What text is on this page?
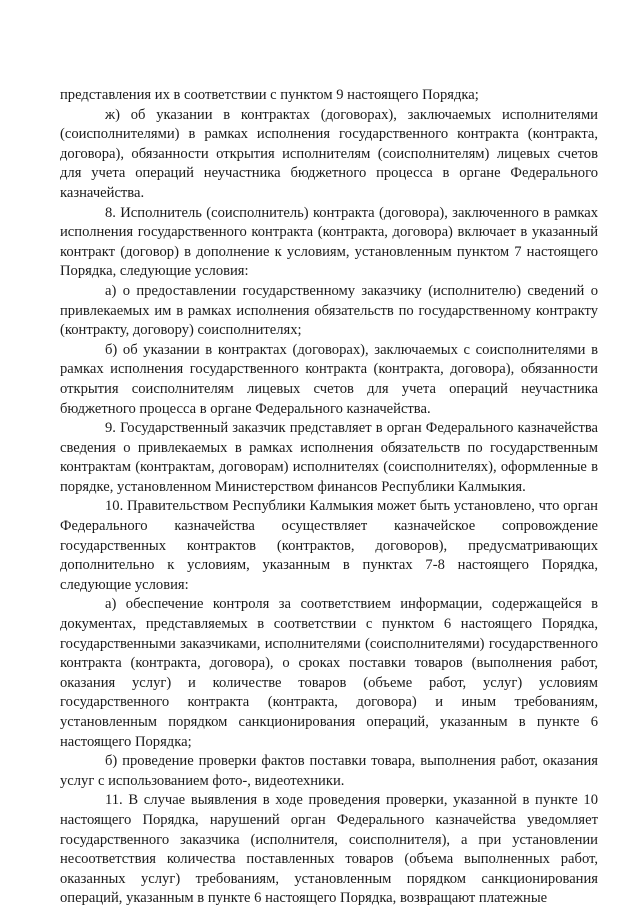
представления их в соответствии с пунктом 9 настоящего Порядка;

ж) об указании в контрактах (договорах), заключаемых исполнителями (соисполнителями) в рамках исполнения государственного контракта (контракта, договора), обязанности открытия исполнителям (соисполнителям) лицевых счетов для учета операций неучастника бюджетного процесса в органе Федерального казначейства.

8. Исполнитель (соисполнитель) контракта (договора), заключенного в рамках исполнения государственного контракта (контракта, договора) включает в указанный контракт (договор) в дополнение к условиям, установленным пунктом 7 настоящего Порядка, следующие условия:

а) о предоставлении государственному заказчику (исполнителю) сведений о привлекаемых им в рамках исполнения обязательств по государственному контракту (контракту, договору) соисполнителях;

б) об указании в контрактах (договорах), заключаемых с соисполнителями в рамках исполнения государственного контракта (контракта, договора), обязанности открытия соисполнителям лицевых счетов для учета операций неучастника бюджетного процесса в органе Федерального казначейства.

9. Государственный заказчик представляет в орган Федерального казначейства сведения о привлекаемых в рамках исполнения обязательств по государственным контрактам (контрактам, договорам) исполнителях (соисполнителях), оформленные в порядке, установленном Министерством финансов Республики Калмыкия.

10. Правительством Республики Калмыкия может быть установлено, что орган Федерального казначейства осуществляет казначейское сопровождение государственных контрактов (контрактов, договоров), предусматривающих дополнительно к условиям, указанным в пунктах 7-8 настоящего Порядка, следующие условия:

а) обеспечение контроля за соответствием информации, содержащейся в документах, представляемых в соответствии с пунктом 6 настоящего Порядка, государственными заказчиками, исполнителями (соисполнителями) государственного контракта (контракта, договора), о сроках поставки товаров (выполнения работ, оказания услуг) и количестве товаров (объеме работ, услуг) условиям государственного контракта (контракта, договора) и иным требованиям, установленным порядком санкционирования операций, указанным в пункте 6 настоящего Порядка;

б) проведение проверки фактов поставки товара, выполнения работ, оказания услуг с использованием фото-, видеотехники.

11. В случае выявления в ходе проведения проверки, указанной в пункте 10 настоящего Порядка, нарушений орган Федерального казначейства уведомляет государственного заказчика (исполнителя, соисполнителя), а при установлении несоответствия количества поставленных товаров (объема выполненных работ, оказанных услуг) требованиям, установленным порядком санкционирования операций, указанным в пункте 6 настоящего Порядка, возвращают платежные
